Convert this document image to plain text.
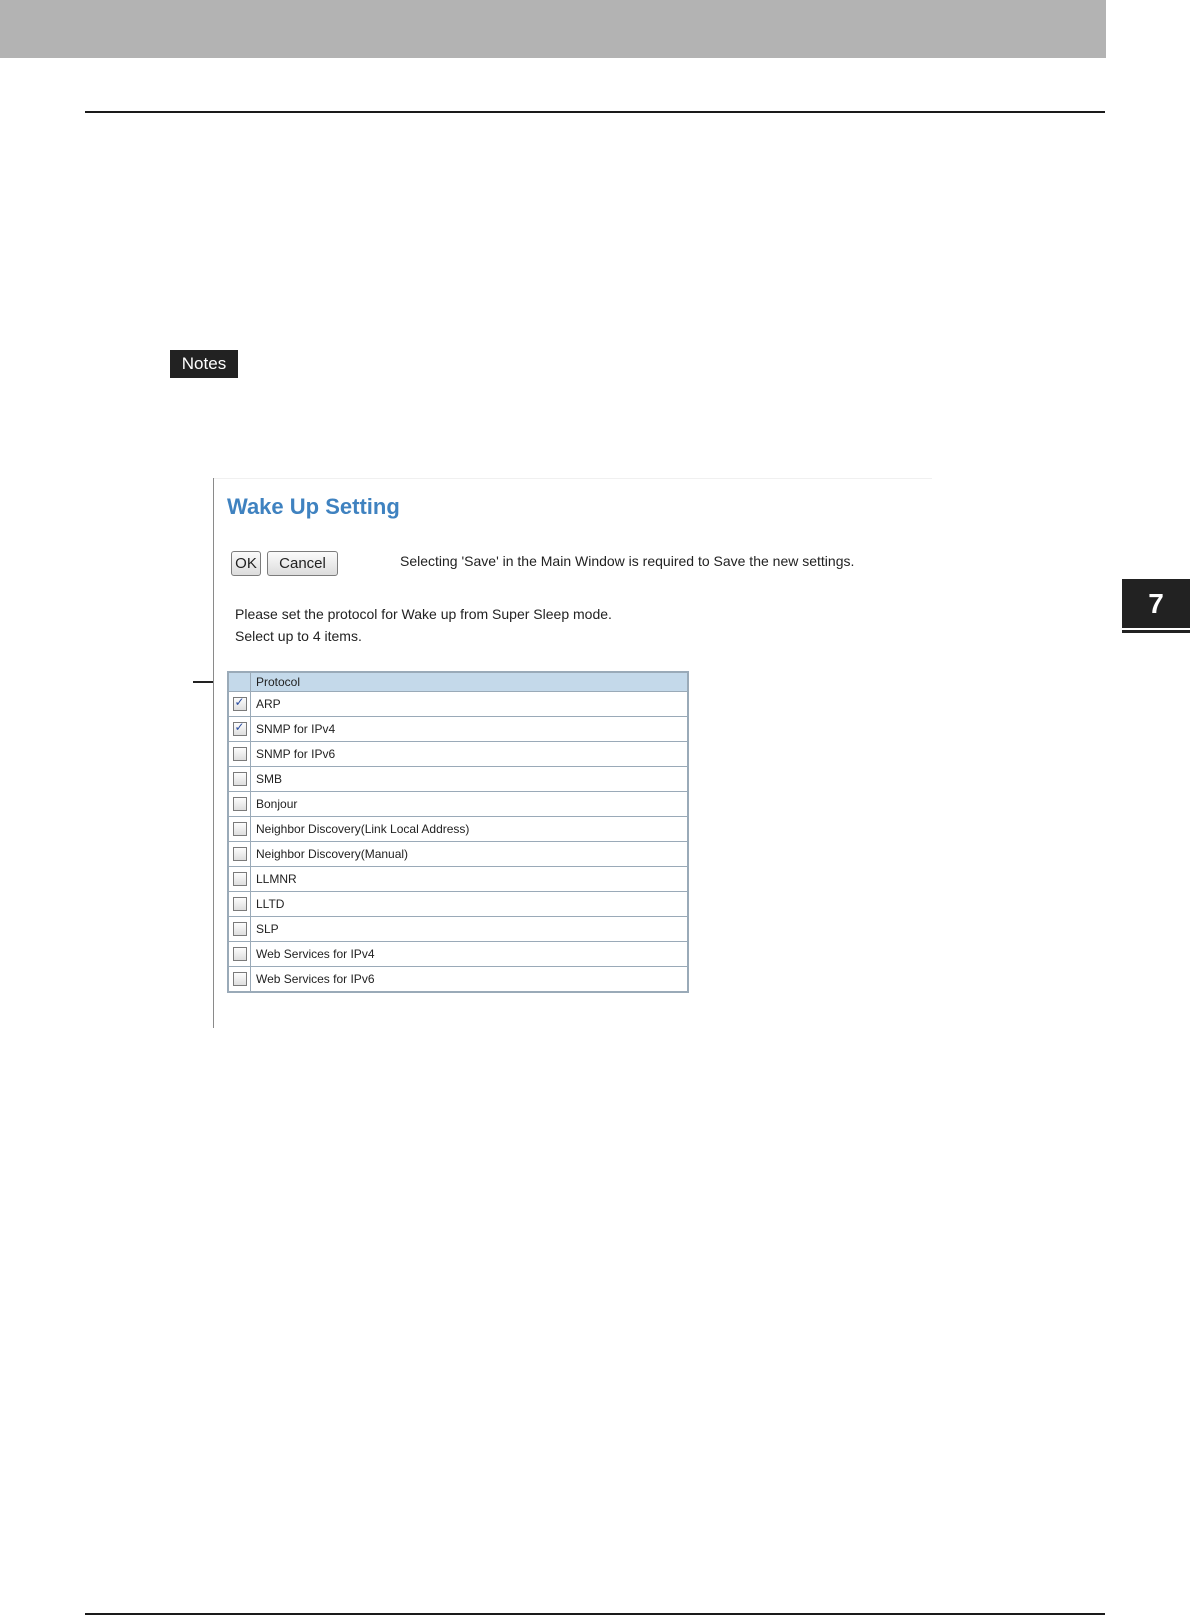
Notes
7
Wake Up Setting
OK	Cancel	Selecting 'Save' in the Main Window is required to Save the new settings.
Please set the protocol for Wake up from Super Sleep mode.
Select up to 4 items.
	Protocol
✓	ARP
✓	SNMP for IPv4
	SNMP for IPv6
	SMB
	Bonjour
	Neighbor Discovery(Link Local Address)
	Neighbor Discovery(Manual)
	LLMNR
	LLTD
	SLP
	Web Services for IPv4
	Web Services for IPv6
